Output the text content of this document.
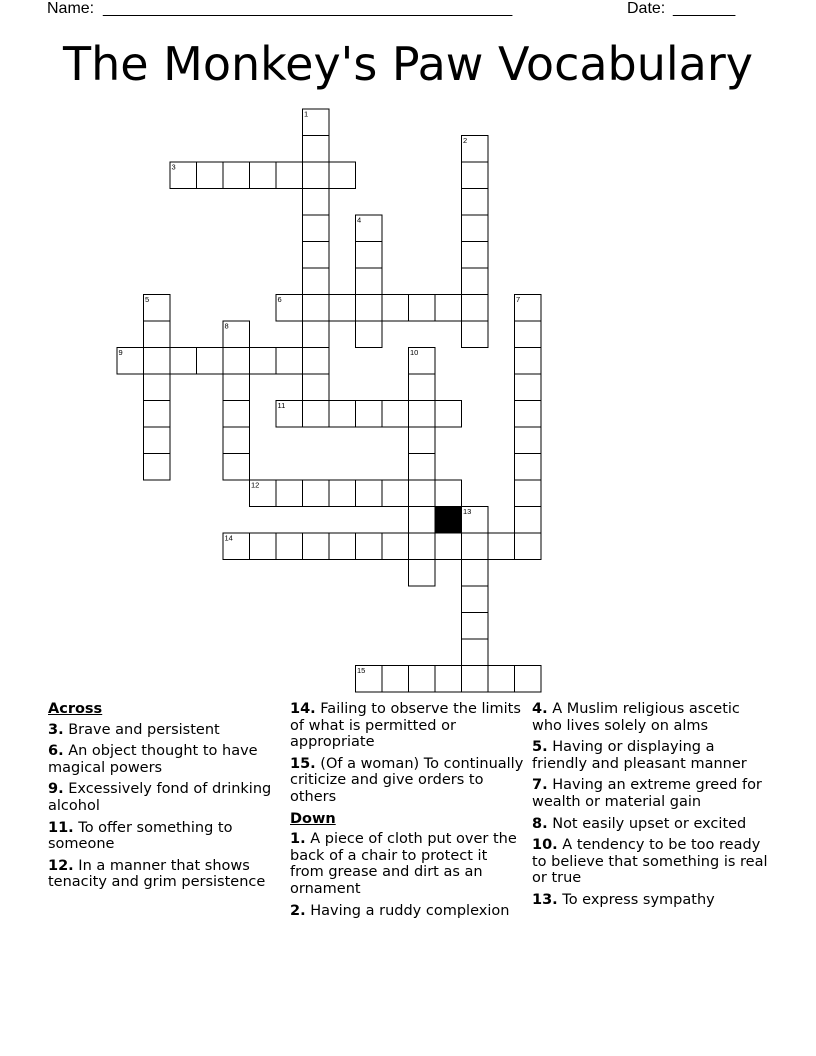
Name: ______________________________________________	Date: _______
The Monkey's Paw Vocabulary
1
2
3
4
5	6	7
8
9	10
11
12
13
14
15
Across
3. Brave and persistent
6. An object thought to have magical powers
9. Excessively fond of drinking alcohol
11. To offer something to someone
12. In a manner that shows tenacity and grim persistence
14. Failing to observe the limits of what is permitted or appropriate
15. (Of a woman) To continually criticize and give orders to others
Down
1. A piece of cloth put over the back of a chair to protect it from grease and dirt as an ornament
2. Having a ruddy complexion
4. A Muslim religious ascetic who lives solely on alms
5. Having or displaying a friendly and pleasant manner
7. Having an extreme greed for wealth or material gain
8. Not easily upset or excited
10. A tendency to be too ready to believe that something is real or true
13. To express sympathy
